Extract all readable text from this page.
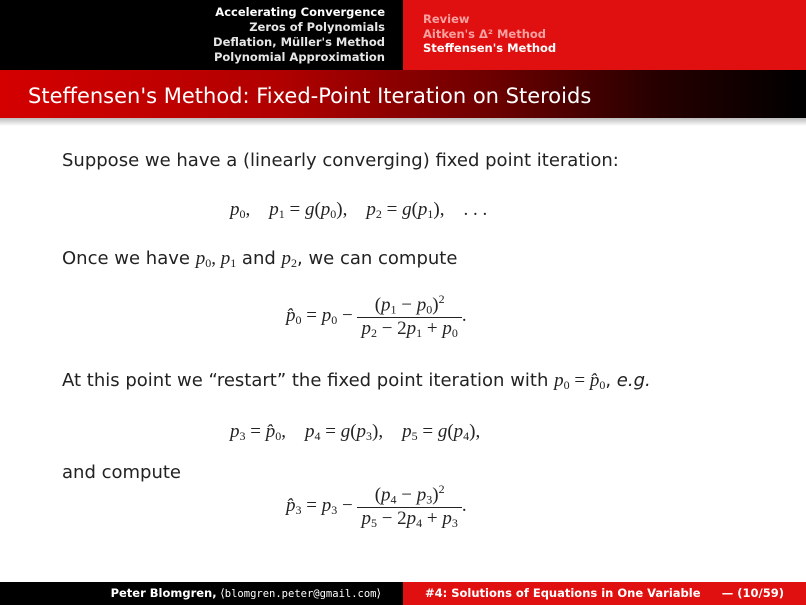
Accelerating Convergence
Zeros of Polynomials
Deflation, Müller's Method
Polynomial Approximation
Review
Aitken's Δ² Method
Steffensen's Method
Steffensen's Method: Fixed-Point Iteration on Steroids
Suppose we have a (linearly converging) fixed point iteration:
$p_0$,    $p_1 = g(p_0)$,    $p_2 = g(p_1)$,    . . .
Once we have $p_0$, $p_1$ and $p_2$, we can compute
$p̂_0 = p_0 - \frac{(p_1 - p_0)^2}{p_2 - 2p_1 + p_0}$ .
At this point we “restart” the fixed point iteration with $p_0$ = $p̂_0$, e.g.
$p_3$ = $p̂_0$,    $p_4 = g(p_3)$,    $p_5 = g(p_4)$,
and compute
$p̂_3 = p_3 - \frac{(p_4 - p_3)^2}{p_5 - 2p_4 + p_3}$ .
Peter Blomgren, ⟨blomgren.peter@gmail.com⟩	#4: Solutions of Equations in One Variable — (10/59)
